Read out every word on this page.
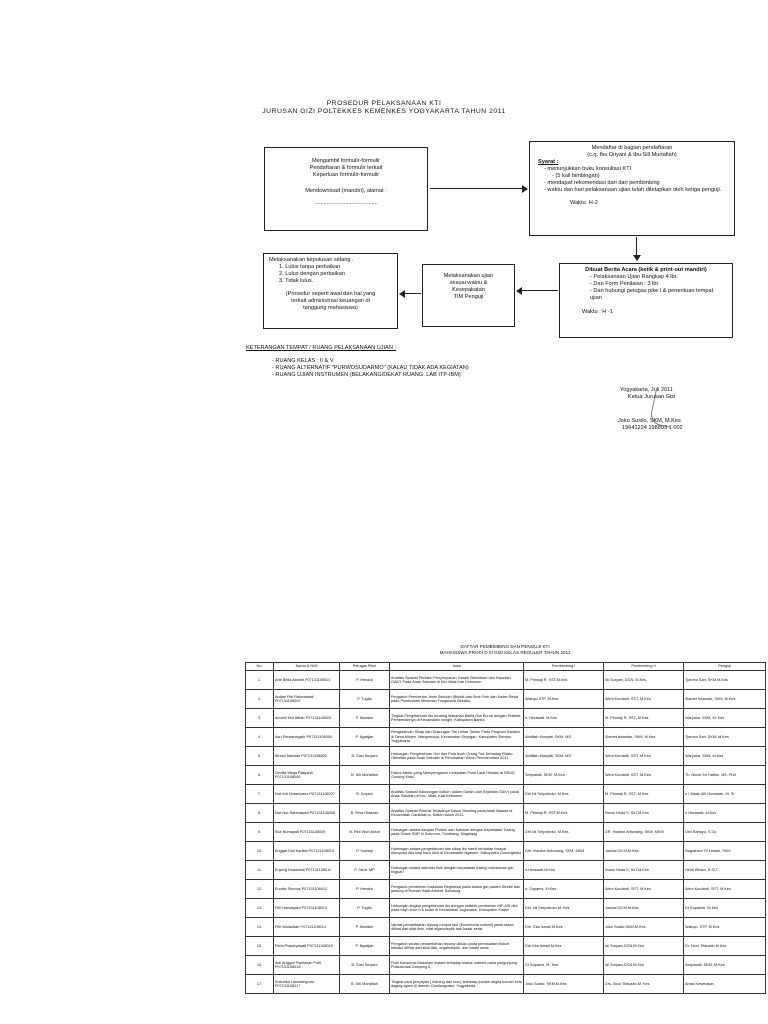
PROSEDUR PELAKSANAAN KTI
JURUSAN GIZI POLTEKKES KEMENKES YOGYAKARTA TAHUN 2011

Mengambil formulir-formulir

Pendaftaran & formulir terkait

Keperluan formulir-formulir

Mendownload (mandiri), alamat :

.........................................

Mendaftar di bagian pendaftaran

(c.q. Ibu Driyani & Ibu Sill Murtafiah)

Syarat :

- menunjukkan buku konsultasi KTI
- (5 kali bimbingan)
- mendapat rekomendasi dari dari pembimbing
- waktu dan hari pelaksanaan ujian telah ditetapkan oleh ketiga penguji.

Waktu: H-2

Dibuat Berita Acara (ketik & print-out mandiri)

- Pelaksanaan Ujian Rangkap 4 lbr.
- Dan Form Penilaian : 3 lbr
- Dan hubungi petugas pike l & penentuan tempat ujian

Waktu : H -1

Melaksanakan ujian

sesuai waktu &

Kesepakatan

TIM Penguji

Melaksanakan keputusan sidang .

1. Lulus tanpa perbaikan
2. Lulus dengan perbaikan
3. Tidak lulus.

(Prosedur seperti awal dan hal yang

terkait administrasi keuangan di

tanggung mahasiswa)

KETERANGAN TEMPAT / RUANG PELAKSANAAN UJIAN :
- RUANG KELAS : II & V
- RUANG ALTERNATIF "PURWOSUDARMO" (KALAU TIDAK ADA KEGIATAN)
- RUANG UJIAN INSTRUMEN (BELAKANG/DEKAT RUANG: LAB ITP-IBM)

Yogyakarta, Juli 2011

Ketua Jurusan Gizi

Joko Susilo, SKM, M.Kes

19641224 198803 1 002

DAFTAR PEMBIMBING DAN PENGUJI KTI
MAHASISWA PRODI D III GIZI KELAS REGULER TAHUN 2011
No.	Nama & NIM	Petugas Piket	Judul	Pembimbing I	Pembimbing II	Penguji
1.	Arie Bella Astarid P07131108001	P. Hendra	Analisis Spasial Perilaku Penyimpanan Garam Beriodium dan Kejadian GAKY Pada Anak Sekolah di Kec Mlati Kab Kebumen	M. Primiaji R, SST,M.Kes	Idi Suryani, DCN, M.Kes	Tjarono Sari, SKM,M.Kes
2.	Ardian Fitri Rahmawati P07131108002	P. Tugito	Pengaruh Pemberian Jenis Sekolah (Bimbit dan Smk Pole dan Kader Sesal pada Pembuatan Minuman Fungsional Bekatul.	Waluyo,STP, M.Kes	Weni Kurdanti, SST, M.Kes	Slamet Iskandar, SKM, M.Kes
3.	Amumi Nur Afifah P07131108003	P. Muralim	Tingkat Pengetahuan Ibu tentang Makanan Balita Gizi Buruk dengan Praktek Pemberiannya di Kecamatan Imogiri, Kabupaten Bantul	Ir. Herawati, M.Kes	M. Primiaji R, SST, M.Kes	Waryana, SKM, M. Kes
4.	Asri Purwaningsih P07131108004	P. Ngatijan	Pengetahuan Sikap dan Dukungan Tim Lintas Sektor Pada Program Kadarzi di Desa Minjen, Margomulyo, Kecamatan Seyegan, Kabupaten Sleman, Yogyakarta.	Abdillah Munyati, SKM, MS	Slamet Iskandar, SKM, M.Kes	Tjarono Sari, SKM, M.Kes
5.	Bintan Marwita P07131108005	B. Susi Suryani	Hubungan Pengetahuan Gizi dan Pola Asuh Orang Tua Terhadap Risiko Obesitas pada Anak Sekolah di Perumahan Wirun Permai tahun 2011	Abdillah Munyati, SKM, MS	Weni Kurdanti, SST, M.Kes	Waryana, SKM, M.Kes
6.	Devilia Mega Rijayanti P07131108006	B. Siti Murtafiah	Faktor-faktor yang Mempengaruhi Kelepatan Porsi Lauk Hewani di RSUD Gunung Kidul.	Setyowati, SKM, M.Kes	Weni Kurdanti, SST, M.Kes	Th. Ninuk Sri Hartini, MS, PhD
7.	Dwi Arti Nuraniyana P07131108007	B. Driyani	Analisis Spasial Kandungan Iodium dalam Garam dan Kejadian GAKY pada Anak Sekolah di Kec. Mlati, Kab Kebumen	Drh Idi Setyobroto, M.Kes	M. Primiaji R, SST, M.Kes	Ir I Made Alit Gunawan, M. Si
8.	Dwi Nur Rahmawati P07131108008	B. Rina Oktavan	Analisis Spasial Potensi Terjadinya Kasus Stunting pada Anak Baduta di Kecamatan Gantiwarno, Klaten tahun 2011.	M. Primiaji R, SST,M.Kes	Nunui Huda S, SsT,M.Kes	Ir Herawati, M.Kes
9.	Eka Nurhayati P07131108009	B. Rini Wuri Astuti	Hubungan antara Asupan Protein dan Kalsium dengan Kepadatan Tulang pada Siswa SMP N Sukrnoro, Sumbang, Magelang	Drh Idi Setyobroto, M.Kes	DR. Irianton Aritonang, SKM, MKM	Umi Rahayu, S.Gz
10.	Enggar Dwi Kartika P07131108010	P. Suwarji	Hubungan antara pengetahuan dan sikap ibu hamil terhadap riwayat menyusui dini bayi baru lahir di Kecamatan Ngawen, Kabupaten Gunungkidul	Drh. Irianton Aritonang, SKM, MKM	Jauhari,DCN,M.Kes	Nugraheni Tri Lestari, SKM
11.	Enjang Dewantuti P07131108011	P. Jarot ,MP	Hubungan antara aktivitas fisik dengan kepadatan tulang mahasiswa gizi tingkat I	Ir.Herawati,M.Kes	Nunui Huda S, SsT,M.Kes	Heldi Wiram, S.Si,T
12.	Eunike Srinova P07131108012	P. Hendra	Pengaruh pemberian makanan Registrasi pada status gizi pasien Stroke dan jantung di Rumah Sakit Advent, Bandung	Ir. Suparmi, M.Kes	Weni Kurdanti, SST, M.Kes	Weni Kurdanti, SST, M.Kes
13.	Fitri Handayani P07131108013	P. Tugito	Hubungan tingkat pengetahuan ibu dengan praktek pemberian MP-ASI dini pada bayi umur 0-6 bulan di Kecamatan Jogonalan, Kabupaten Klaten	Drh. Idi Setyobroto,M. Kes	Jauhari,DCN,M.Kes	Dr Supartuti, M.Kes
14.	Fitri Wulandari P07131108014	P. Muralim	Variasi pemanfaatan tepung rumput laut (Eucheuma cottonii) pada bakso dilihat dari sifat fisik, sifat organoleptik dan kadar serat.	Drh. Eka Ismail,M.Kes	Joko Susilo,SKM,M.Kes	Waluyo, STP, M.Kes
15.	Fitria Prasetyawati P07131108015	P. Ngatijan	Pengaruh variasi penambahan tepung daluku pada pembuatan biskuit bekatul dilihat dari sifat fisik, organoleptik, dan kadar serat	Drh Eka Ismail,M.Kes	Idi Suryani,DCN,M.Kes	Dr. Noor Tifauzah,M.Kes
16.	Ibdi Anggun Ramasari Putri P07131108016	B. Susi Suryani	Pola Konsumsi Makanan Instant terhadap status nutrient pada pengunjung Puskesmas Gamping II.	Dr Suparmi, M. Kes	Idi Suryani,DCN,M.Kes	Setyowati, SKM, M.Kes
17.	Kukuhka Lamastrigrum P07131108017	B. Siti Murtafiah	Tingkat cara penyajian ( tekning dan tosu) terhadap jumlah angka kuman soto daging ayam di daerah Condongcatur, Yogyakarta	Joko Susilo, SKM,M.Kes	Drs. Noor Tifauzah,M. Kes	Anasi Kesehatan
